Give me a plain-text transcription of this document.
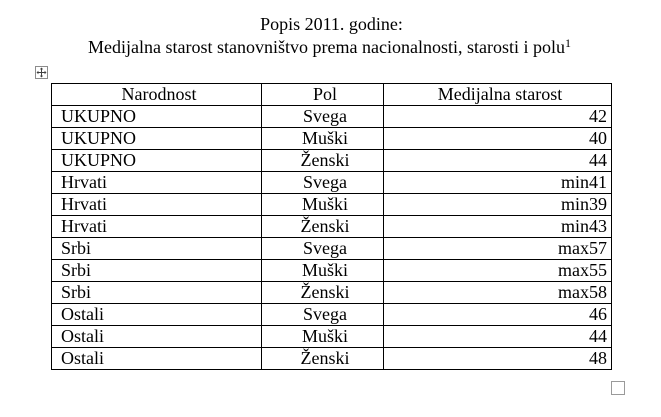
Popis 2011. godine:
Medijalna starost stanovništvo prema nacionalnosti, starosti i polu$^1$
Narodnost	Pol	Medijalna starost
UKUPNO	Svega	42
UKUPNO	Muški	40
UKUPNO	Ženski	44
Hrvati	Svega	min41
Hrvati	Muški	min39
Hrvati	Ženski	min43
Srbi	Svega	max57
Srbi	Muški	max55
Srbi	Ženski	max58
Ostali	Svega	46
Ostali	Muški	44
Ostali	Ženski	48
